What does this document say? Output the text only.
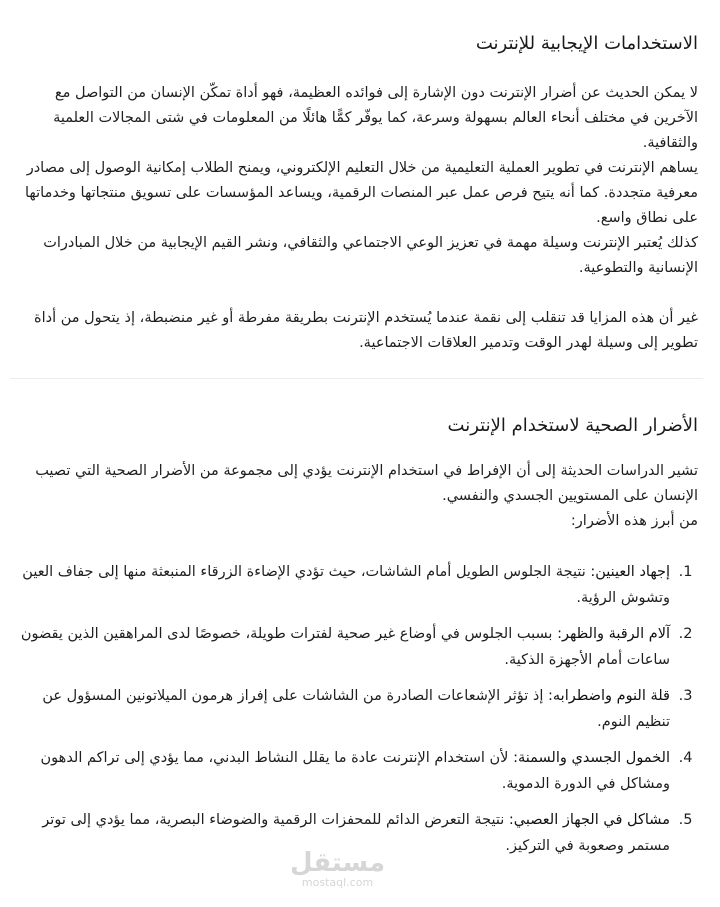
الاستخدامات الإيجابية للإنترنت

لا يمكن الحديث عن أضرار الإنترنت دون الإشارة إلى فوائده العظيمة، فهو أداة تمكّن الإنسان من التواصل مع الآخرين في مختلف أنحاء العالم بسهولة وسرعة، كما يوفّر كمًّا هائلًا من المعلومات في شتى المجالات العلمية والثقافية.

يساهم الإنترنت في تطوير العملية التعليمية من خلال التعليم الإلكتروني، ويمنح الطلاب إمكانية الوصول إلى مصادر معرفية متجددة. كما أنه يتيح فرص عمل عبر المنصات الرقمية، ويساعد المؤسسات على تسويق منتجاتها وخدماتها على نطاق واسع.

كذلك يُعتبر الإنترنت وسيلة مهمة في تعزيز الوعي الاجتماعي والثقافي، ونشر القيم الإيجابية من خلال المبادرات الإنسانية والتطوعية.

غير أن هذه المزايا قد تنقلب إلى نقمة عندما يُستخدم الإنترنت بطريقة مفرطة أو غير منضبطة، إذ يتحول من أداة تطوير إلى وسيلة لهدر الوقت وتدمير العلاقات الاجتماعية.

الأضرار الصحية لاستخدام الإنترنت

تشير الدراسات الحديثة إلى أن الإفراط في استخدام الإنترنت يؤدي إلى مجموعة من الأضرار الصحية التي تصيب الإنسان على المستويين الجسدي والنفسي.

من أبرز هذه الأضرار:

1. إجهاد العينين: نتيجة الجلوس الطويل أمام الشاشات، حيث تؤدي الإضاءة الزرقاء المنبعثة منها إلى جفاف العين وتشوش الرؤية.
2. آلام الرقبة والظهر: بسبب الجلوس في أوضاع غير صحية لفترات طويلة، خصوصًا لدى المراهقين الذين يقضون ساعات أمام الأجهزة الذكية.
3. قلة النوم واضطرابه: إذ تؤثر الإشعاعات الصادرة من الشاشات على إفراز هرمون الميلاتونين المسؤول عن تنظيم النوم.
4. الخمول الجسدي والسمنة: لأن استخدام الإنترنت عادة ما يقلل النشاط البدني، مما يؤدي إلى تراكم الدهون ومشاكل في الدورة الدموية.
5. مشاكل في الجهاز العصبي: نتيجة التعرض الدائم للمحفزات الرقمية والضوضاء البصرية، مما يؤدي إلى توتر مستمر وصعوبة في التركيز.
مستقل
mostaql.com
